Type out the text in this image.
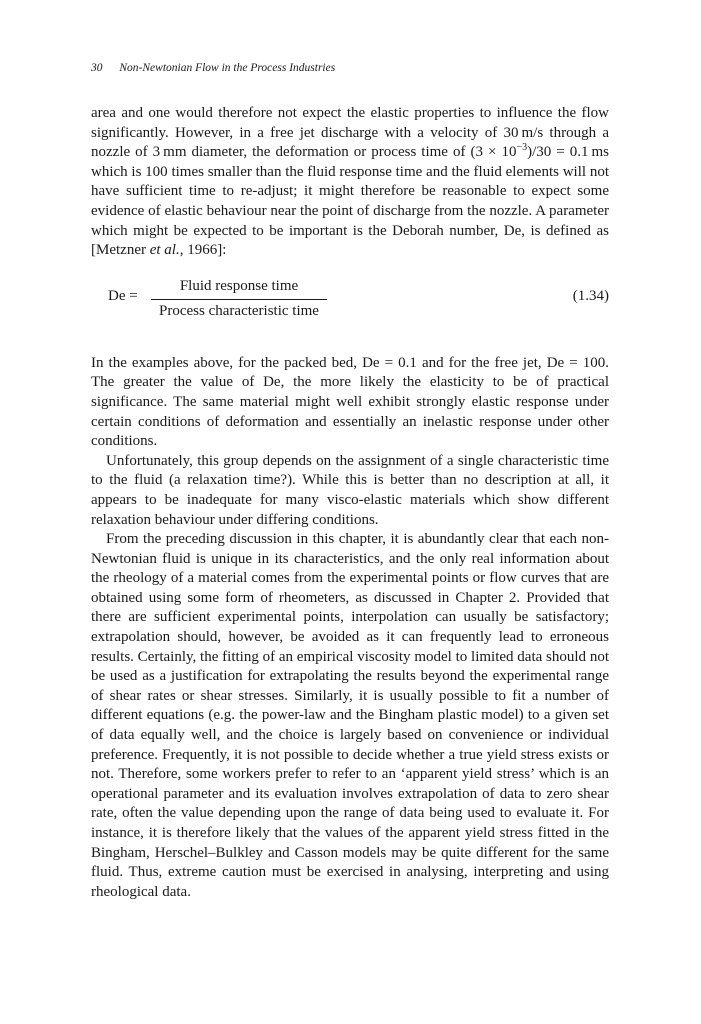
30 Non-Newtonian Flow in the Process Industries

area and one would therefore not expect the elastic properties to influence the flow significantly. However, in a free jet discharge with a velocity of 30 m/s through a nozzle of 3 mm diameter, the deformation or process time of $(3 \times 10^{-3})/30 = 0.1$ ms which is 100 times smaller than the fluid response time and the fluid elements will not have sufficient time to re-adjust; it might therefore be reasonable to expect some evidence of elastic behaviour near the point of discharge from the nozzle. A parameter which might be expected to be important is the Deborah number, De, is defined as [Metzner et al., 1966]:

De =
Fluid response time
Process characteristic time
(1.34)

In the examples above, for the packed bed, De = 0.1 and for the free jet, De = 100. The greater the value of De, the more likely the elasticity to be of practical significance. The same material might well exhibit strongly elastic response under certain conditions of deformation and essentially an inelastic response under other conditions.

Unfortunately, this group depends on the assignment of a single characteristic time to the fluid (a relaxation time?). While this is better than no description at all, it appears to be inadequate for many visco-elastic materials which show different relaxation behaviour under differing conditions.

From the preceding discussion in this chapter, it is abundantly clear that each non-Newtonian fluid is unique in its characteristics, and the only real information about the rheology of a material comes from the experimental points or flow curves that are obtained using some form of rheometers, as discussed in Chapter 2. Provided that there are sufficient experimental points, interpolation can usually be satisfactory; extrapolation should, however, be avoided as it can frequently lead to erroneous results. Certainly, the fitting of an empirical viscosity model to limited data should not be used as a justification for extrapolating the results beyond the experimental range of shear rates or shear stresses. Similarly, it is usually possible to fit a number of different equations (e.g. the power-law and the Bingham plastic model) to a given set of data equally well, and the choice is largely based on convenience or individual preference. Frequently, it is not possible to decide whether a true yield stress exists or not. Therefore, some workers prefer to refer to an ‘apparent yield stress’ which is an operational parameter and its evaluation involves extrapolation of data to zero shear rate, often the value depending upon the range of data being used to evaluate it. For instance, it is therefore likely that the values of the apparent yield stress fitted in the Bingham, Herschel–Bulkley and Casson models may be quite different for the same fluid. Thus, extreme caution must be exercised in analysing, interpreting and using rheological data.
